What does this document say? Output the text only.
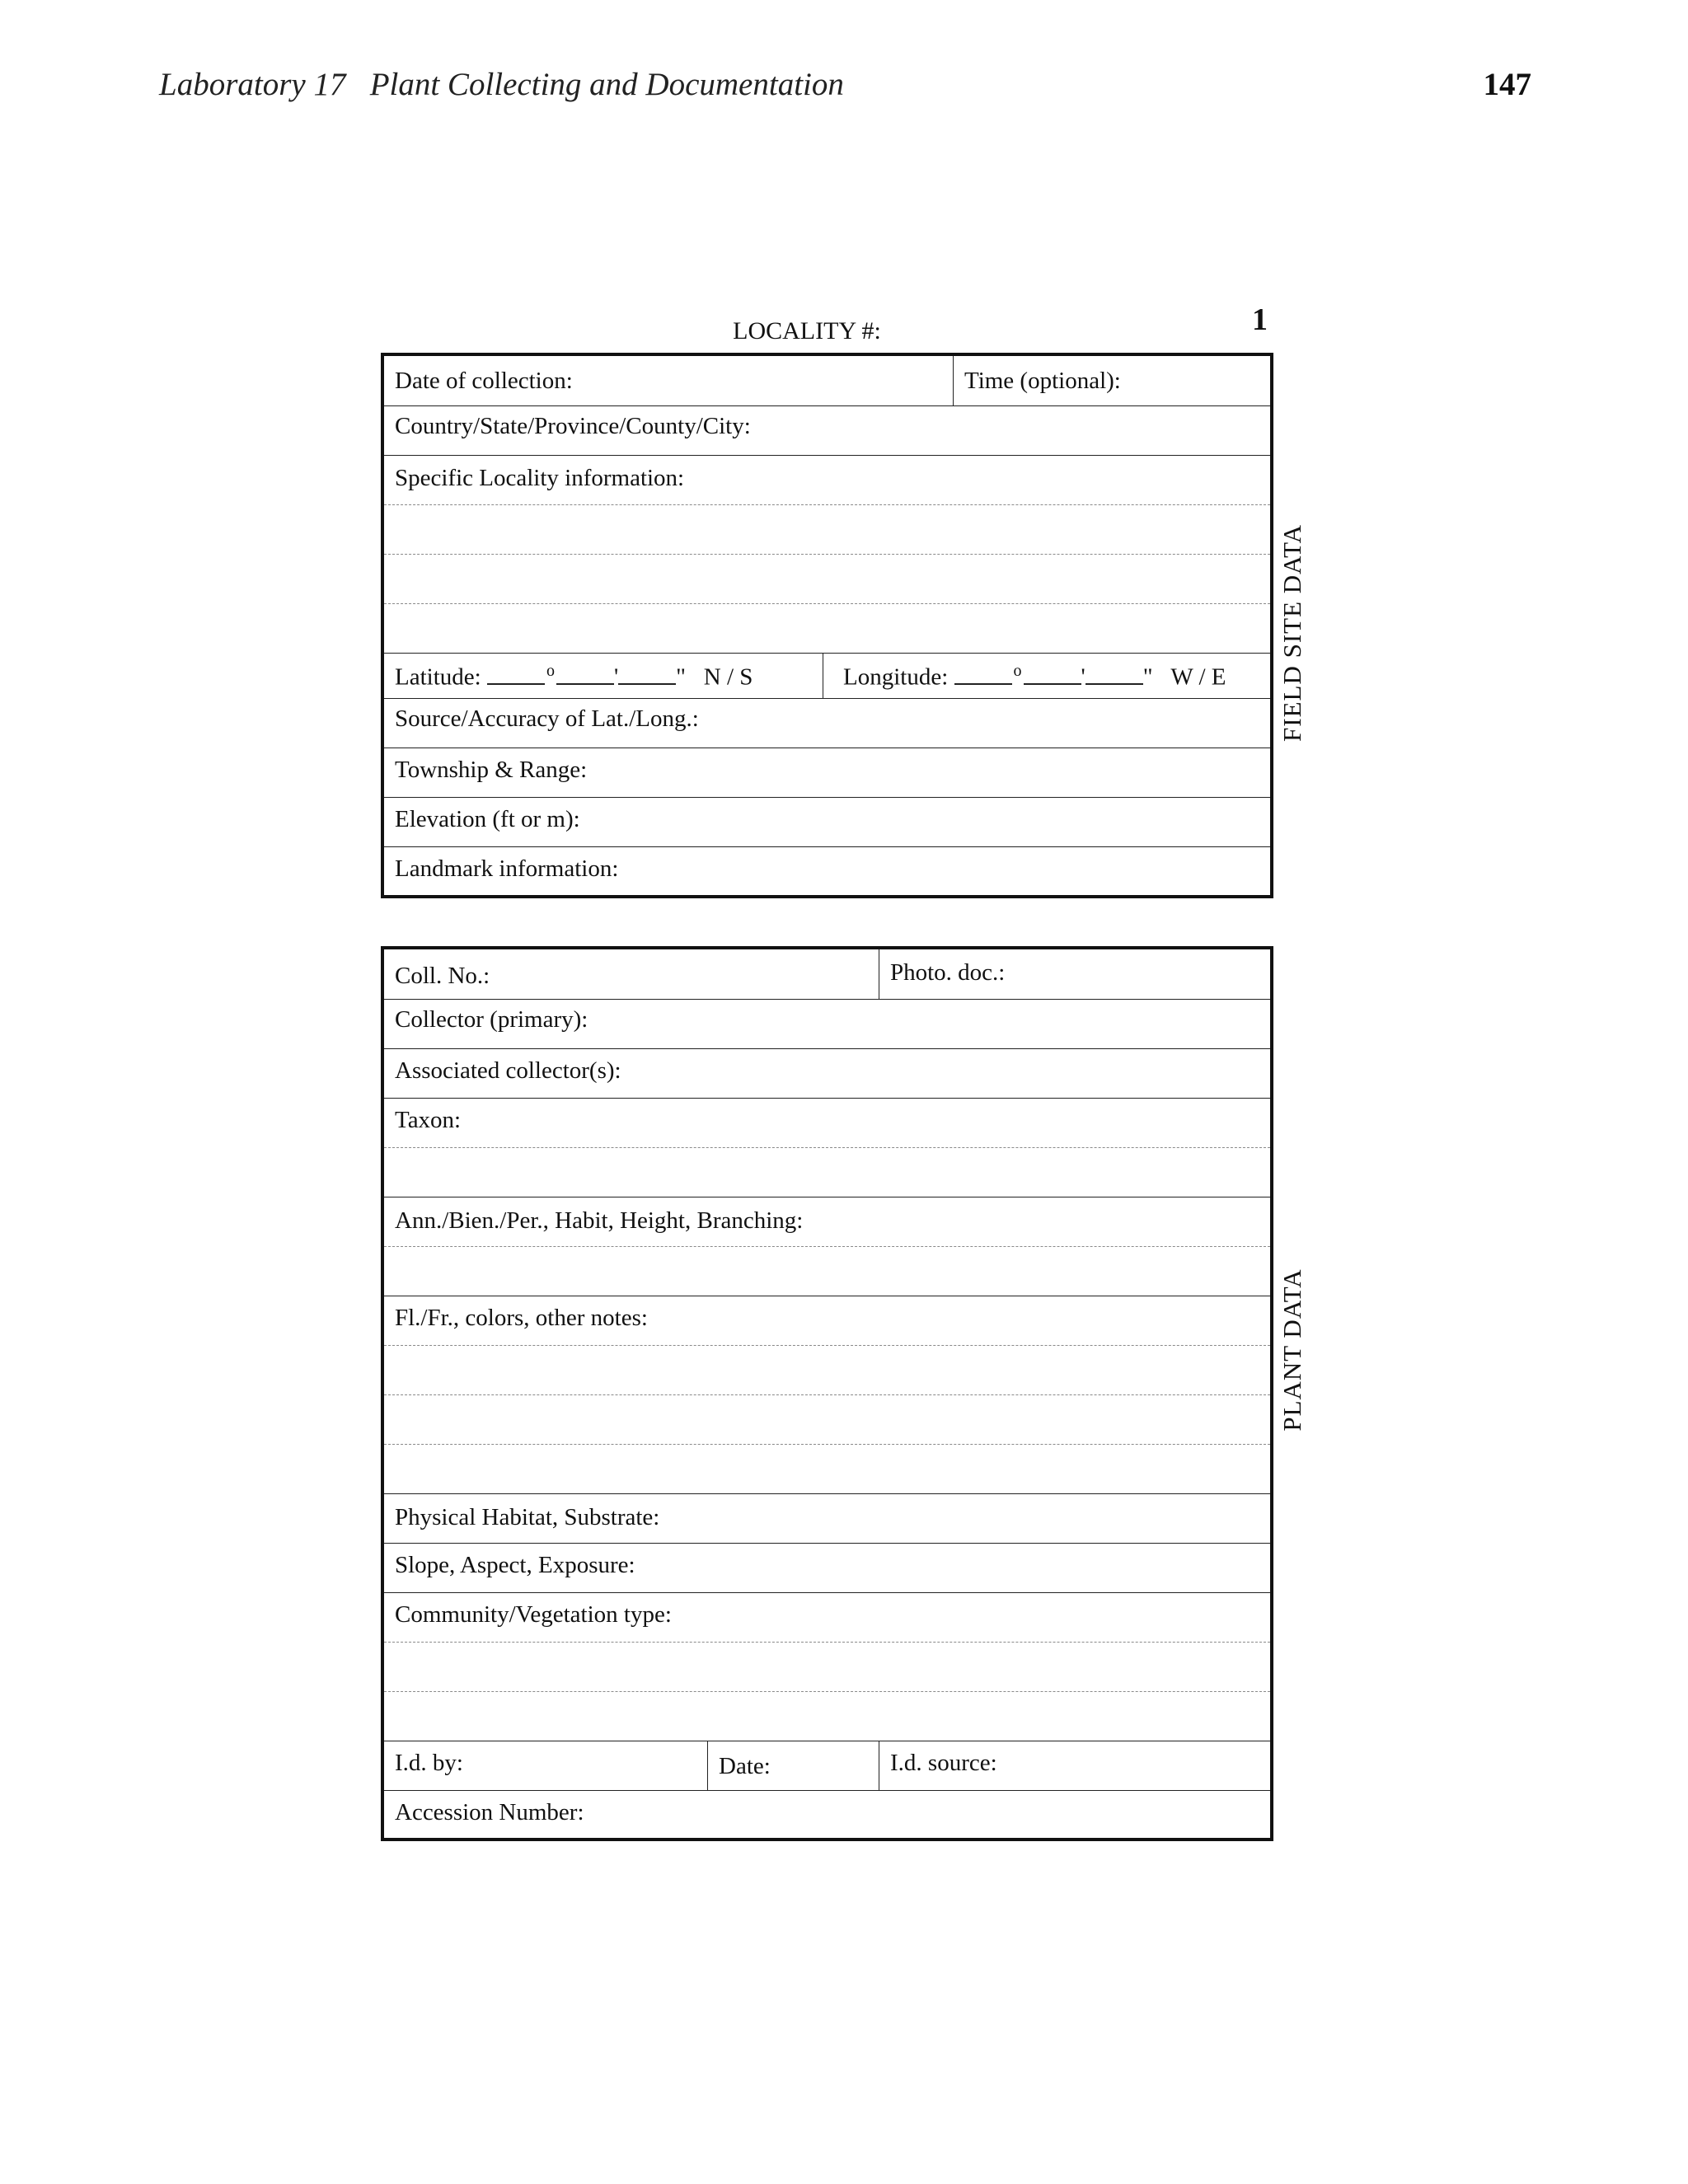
Laboratory 17   Plant Collecting and Documentation	147
LOCALITY #:	1
Date of collection:	Time (optional):
Country/State/Province/County/City:
Specific Locality information:
Latitude:	$^o$ ' " N / S	Longitude:	$^o$ ' " W / E
Source/Accuracy of Lat./Long.:
Township & Range:
Elevation (ft or m):
Landmark information:
FIELD SITE DATA
Coll. No.:	Photo. doc.:
Collector (primary):
Associated collector(s):
Taxon:
Ann./Bien./Per., Habit, Height, Branching:
Fl./Fr., colors, other notes:
Physical Habitat, Substrate:
Slope, Aspect, Exposure:
Community/Vegetation type:
I.d. by:	Date:	I.d. source:
Accession Number:
PLANT DATA
